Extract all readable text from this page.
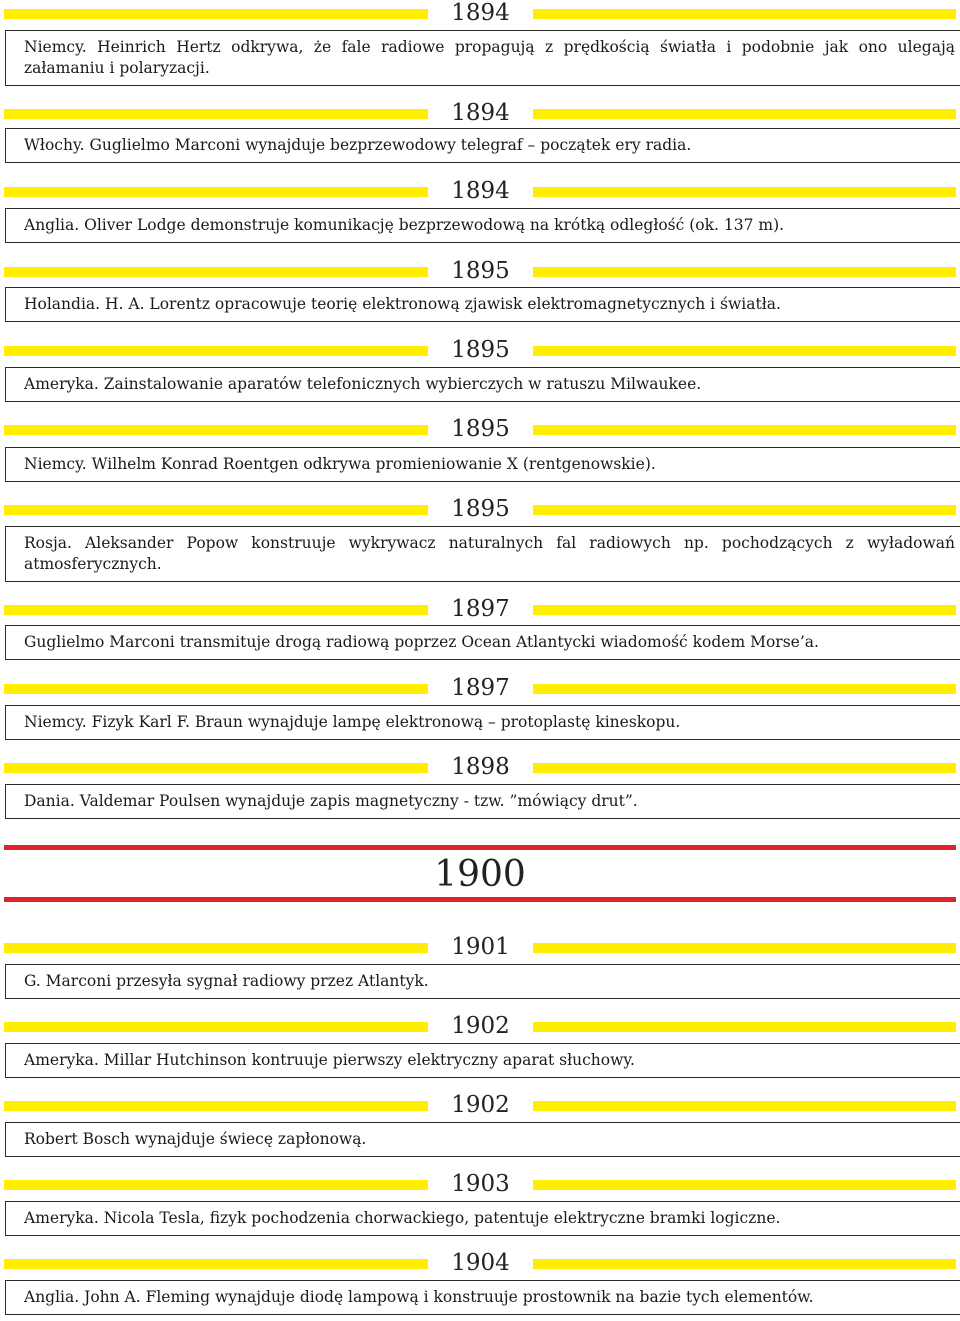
1900
1894
Niemcy. Heinrich Hertz odkrywa, że fale radiowe propagują z prędkością światła i podobnie jak ono ulegają załamaniu i polaryzacji.
1894
Włochy. Guglielmo Marconi wynajduje bezprzewodowy telegraf – początek ery radia.
1894
Anglia. Oliver Lodge demonstruje komunikację bezprzewodową na krótką odległość (ok. 137 m).
1895
Holandia. H. A. Lorentz opracowuje teorię elektronową zjawisk elektromagnetycznych i światła.
1895
Ameryka. Zainstalowanie aparatów telefonicznych wybierczych w ratuszu Milwaukee.
1895
Niemcy. Wilhelm Konrad Roentgen odkrywa promieniowanie X (rentgenowskie).
1895
Rosja. Aleksander Popow konstruuje wykrywacz naturalnych fal radiowych np. pochodzących z wyładowań atmosferycznych.
1897
Guglielmo Marconi transmituje drogą radiową poprzez Ocean Atlantycki wiadomość kodem Morse’a.
1897
Niemcy. Fizyk Karl F. Braun wynajduje lampę elektronową – protoplastę kineskopu.
1898
Dania. Valdemar Poulsen wynajduje zapis magnetyczny - tzw. ”mówiący drut”.
1901
G. Marconi przesyła sygnał radiowy przez Atlantyk.
1902
Ameryka. Millar Hutchinson kontruuje pierwszy elektryczny aparat słuchowy.
1902
Robert Bosch wynajduje świecę zapłonową.
1903
Ameryka. Nicola Tesla, fizyk pochodzenia chorwackiego, patentuje elektryczne bramki logiczne.
1904
Anglia. John A. Fleming wynajduje diodę lampową i konstruuje prostownik na bazie tych elementów.
